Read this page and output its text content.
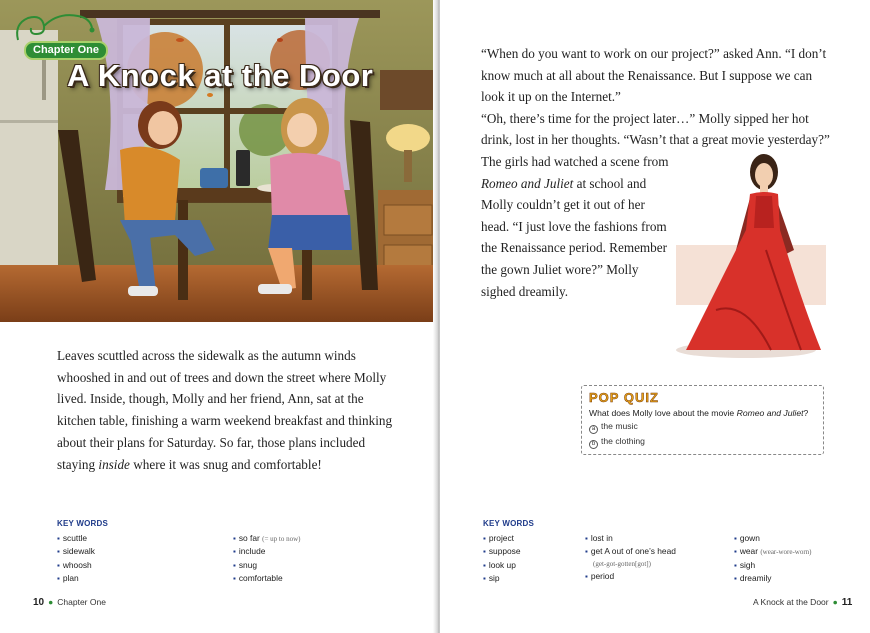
Chapter One
A Knock at the Door
Leaves scuttled across the sidewalk as the autumn winds whooshed in and out of trees and down the street where Molly lived. Inside, though, Molly and her friend, Ann, sat at the kitchen table, finishing a warm weekend breakfast and thinking about their plans for Saturday. So far, those plans included staying inside where it was snug and comfortable!
KEY WORDS
▪ scuttle
▪ sidewalk
▪ whoosh
▪ plan
▪ so far (= up to now)
▪ include
▪ snug
▪ comfortable
10 ● Chapter One

“When do you want to work on our project?” asked Ann. “I don’t know much at all about the Renaissance. But I suppose we can look it up on the Internet.”

“Oh, there’s time for the project later…” Molly sipped her hot drink, lost in her thoughts. “Wasn’t that a great movie yesterday?”

The girls had watched a scene from Romeo and Juliet at school and Molly couldn’t get it out of her head. “I just love the fashions from the Renaissance period. Remember the gown Juliet wore?” Molly sighed dreamily.

POP QUIZ
What does Molly love about the movie Romeo and Juliet?
a the music
b the clothing
KEY WORDS
▪ project
▪ suppose
▪ look up
▪ sip
▪ lost in
▪ get A out of one’s head
(get-got-gotten[got])
▪ period
▪ gown
▪ wear (wear-wore-worn)
▪ sigh
▪ dreamily
A Knock at the Door ● 11
